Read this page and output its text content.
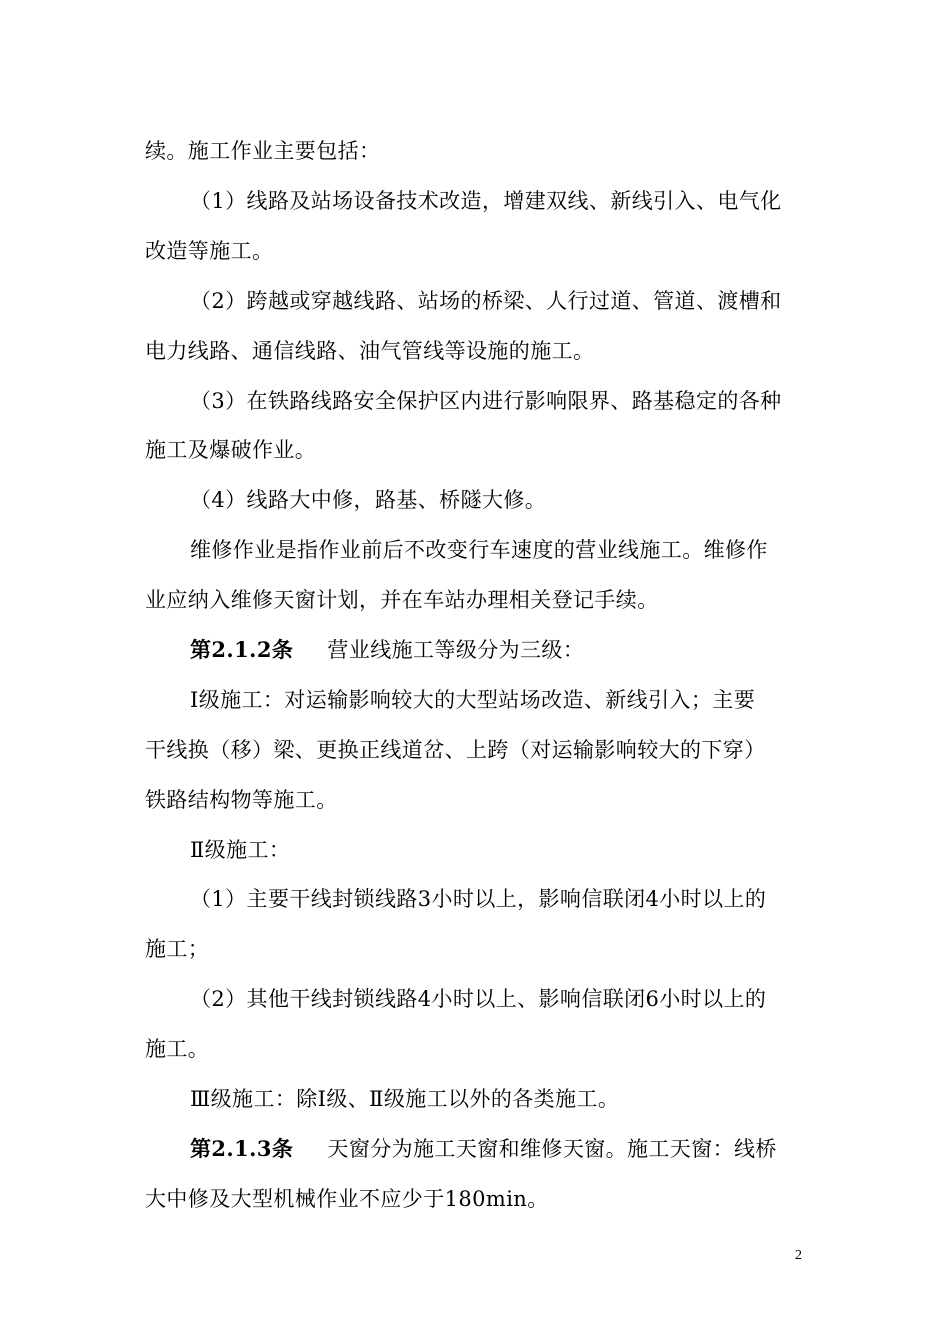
续。施工作业主要包括：
（1）线路及站场设备技术改造，增建双线、新线引入、电气化
改造等施工。
（2）跨越或穿越线路、站场的桥梁、人行过道、管道、渡槽和
电力线路、通信线路、油气管线等设施的施工。
（3）在铁路线路安全保护区内进行影响限界、路基稳定的各种
施工及爆破作业。
（4）线路大中修，路基、桥隧大修。
维修作业是指作业前后不改变行车速度的营业线施工。维修作
业应纳入维修天窗计划，并在车站办理相关登记手续。
第2.1.2条 营业线施工等级分为三级：
Ⅰ级施工：对运输影响较大的大型站场改造、新线引入；主要
干线换（移）梁、更换正线道岔、上跨（对运输影响较大的下穿）
铁路结构物等施工。
Ⅱ级施工：
（1）主要干线封锁线路3小时以上，影响信联闭4小时以上的
施工；
（2）其他干线封锁线路4小时以上、影响信联闭6小时以上的
施工。
Ⅲ级施工：除Ⅰ级、Ⅱ级施工以外的各类施工。
第2.1.3条 天窗分为施工天窗和维修天窗。施工天窗：线桥
大中修及大型机械作业不应少于180min。
2
